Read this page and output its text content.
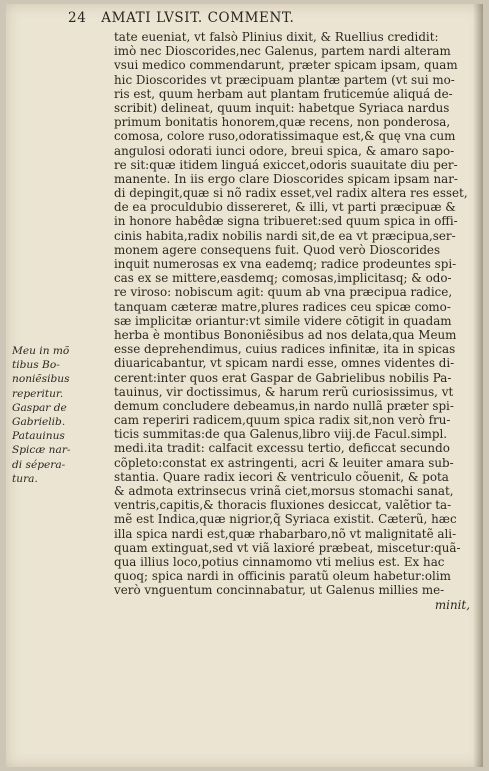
24 AMATI LVSIT. COMMENT.
Meu in mõ
tibus Bo-
noniẽsibus
reperitur.
Gaspar de
Gabrielib.
Patauinus
Spicæ nar-
di sépera-
tura.
tate eueniat, vt falsò Plinius dixit, & Ruellius credidit:
imò nec Dioscorides,nec Galenus, partem nardi alteram
vsui medico commendarunt, præter spicam ipsam, quam
hic Dioscorides vt præcipuam plantæ partem (vt sui mo-
ris est, quum herbam aut plantam fruticemúe aliquá de-
scribit) delineat, quum inquit: habetque Syriaca nardus
primum bonitatis honorem,quæ recens, non ponderosa,
comosa, colore ruso,odoratissimaque est,& quę vna cum
angulosi odorati iunci odore, breui spica, & amaro sapo-
re sit:quæ itidem linguá exiccet,odoris suauitate diu per-
manente. In iis ergo clare Dioscorides spicam ipsam nar-
di depingit,quæ si nõ radix esset,vel radix altera res esset,
de ea proculdubio dissereret, & illi, vt parti præcipuæ &
in honore habêdæ signa tribueret:sed quum spica in offi-
cinis habita,radix nobilis nardi sit,de ea vt præcipua,ser-
monem agere consequens fuit. Quod verò Dioscorides
inquit numerosas ex vna eademq; radice prodeuntes spi-
cas ex se mittere,easdemq; comosas,implicitasq; & odo-
re viroso: nobiscum agit: quum ab vna præcipua radice,
tanquam cæteræ matre,plures radices ceu spicæ como-
sæ implicitæ oriantur:vt simile videre cōtigit in quadam
herba è montibus Bononiẽsibus ad nos delata,qua Meum
esse deprehendimus, cuius radices infinitæ, ita in spicas
diuaricabantur, vt spicam nardi esse, omnes videntes di-
cerent:inter quos erat Gaspar de Gabrielibus nobilis Pa-
tauinus, vir doctissimus, & harum rerũ curiosissimus, vt
demum concludere debeamus,in nardo nullã præter spi-
cam reperiri radicem,quum spica radix sit,non verò fru-
ticis summitas:de qua Galenus,libro viij.de Facul.simpl.
medi.ita tradit: calfacit excessu tertio, deficcat secundo
cõpleto:constat ex astringenti, acri & leuiter amara sub-
stantia. Quare radix iecori & ventriculo cõuenit, & pota
& admota extrinsecus vrinã ciet,morsus stomachi sanat,
ventris,capitis,& thoracis fluxiones desiccat, valẽtior ta-
mẽ est Indica,quæ nigrior,q̃ Syriaca existit. Cæterũ, hæc
illa spica nardi est,quæ rhabarbaro,nõ vt malignitatẽ ali-
quam extinguat,sed vt viã laxioré præbeat, miscetur:quã-
qua illius loco,potius cinnamomo vti melius est. Ex hac
quoq; spica nardi in officinis paratũ oleum habetur:olim
verò vnguentum concinnabatur, ut Galenus millies me-
minit,
